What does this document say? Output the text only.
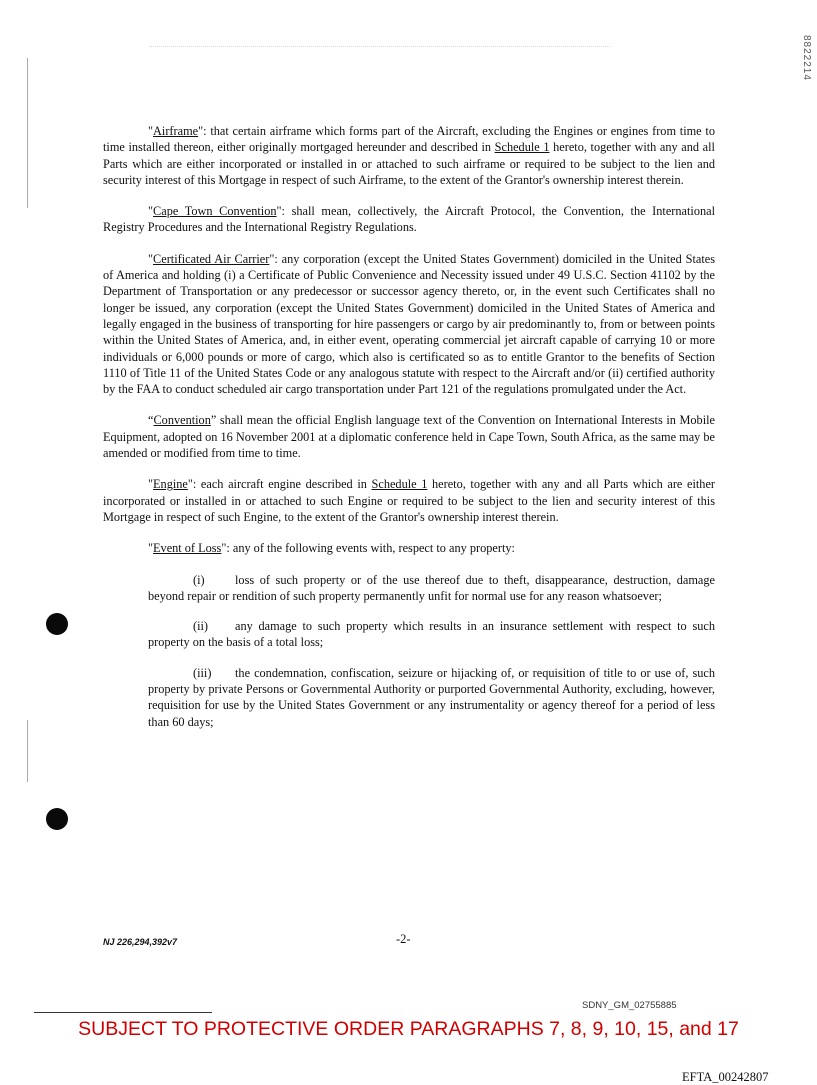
8822214

"Airframe": that certain airframe which forms part of the Aircraft, excluding the Engines or engines from time to time installed thereon, either originally mortgaged hereunder and described in Schedule 1 hereto, together with any and all Parts which are either incorporated or installed in or attached to such airframe or required to be subject to the lien and security interest of this Mortgage in respect of such Airframe, to the extent of the Grantor's ownership interest therein.

"Cape Town Convention": shall mean, collectively, the Aircraft Protocol, the Convention, the International Registry Procedures and the International Registry Regulations.

"Certificated Air Carrier": any corporation (except the United States Government) domiciled in the United States of America and holding (i) a Certificate of Public Convenience and Necessity issued under 49 U.S.C. Section 41102 by the Department of Transportation or any predecessor or successor agency thereto, or, in the event such Certificates shall no longer be issued, any corporation (except the United States Government) domiciled in the United States of America and legally engaged in the business of transporting for hire passengers or cargo by air predominantly to, from or between points within the United States of America, and, in either event, operating commercial jet aircraft capable of carrying 10 or more individuals or 6,000 pounds or more of cargo, which also is certificated so as to entitle Grantor to the benefits of Section 1110 of Title 11 of the United States Code or any analogous statute with respect to the Aircraft and/or (ii) certified authority by the FAA to conduct scheduled air cargo transportation under Part 121 of the regulations promulgated under the Act.

“Convention” shall mean the official English language text of the Convention on International Interests in Mobile Equipment, adopted on 16 November 2001 at a diplomatic conference held in Cape Town, South Africa, as the same may be amended or modified from time to time.

"Engine": each aircraft engine described in Schedule 1 hereto, together with any and all Parts which are either incorporated or installed in or attached to such Engine or required to be subject to the lien and security interest of this Mortgage in respect of such Engine, to the extent of the Grantor's ownership interest therein.

"Event of Loss": any of the following events with, respect to any property:

(i) loss of such property or of the use thereof due to theft, disappearance, destruction, damage beyond repair or rendition of such property permanently unfit for normal use for any reason whatsoever;

(ii) any damage to such property which results in an insurance settlement with respect to such property on the basis of a total loss;

(iii) the condemnation, confiscation, seizure or hijacking of, or requisition of title to or use of, such property by private Persons or Governmental Authority or purported Governmental Authority, excluding, however, requisition for use by the United States Government or any instrumentality or agency thereof for a period of less than 60 days;

NJ 226,294,392v7	-2-
SDNY_GM_02755885
SUBJECT TO PROTECTIVE ORDER PARAGRAPHS 7, 8, 9, 10, 15, and 17
EFTA_00242807
